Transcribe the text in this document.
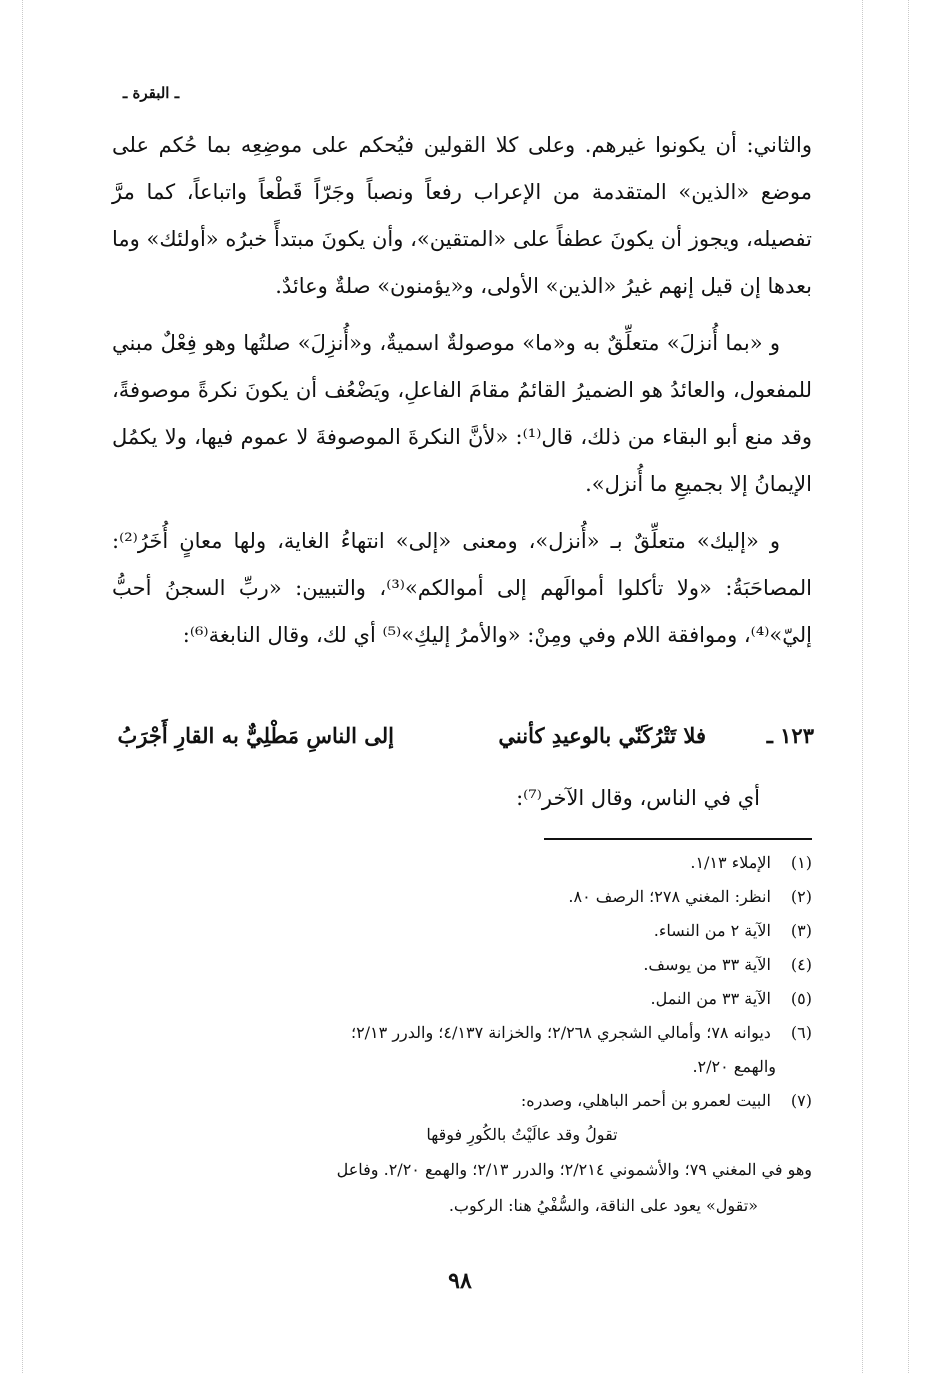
ـ البقرة ـ

والثاني: أن يكونوا غيرهم. وعلى كلا القولين فيُحكم على موضِعِه بما حُكم على موضع «الذين» المتقدمة من الإعراب رفعاً ونصباً وجَرّاً قَطْعاً واتباعاً، كما مرَّ تفصيله، ويجوز أن يكونَ عطفاً على «المتقين»، وأن يكونَ مبتدأً خبرُه «أولئك» وما بعدها إن قيل إنهم غيرُ «الذين» الأولى، و«يؤمنون» صلةٌ وعائدٌ.

و «بما أُنزلَ» متعلِّقٌ به و«ما» موصولةٌ اسميةٌ، و«أُنزِلَ» صلتُها وهو فِعْلٌ مبني للمفعول، والعائدُ هو الضميرُ القائمُ مقامَ الفاعلِ، ويَضْعُف أن يكونَ نكرةً موصوفةً، وقد منع أبو البقاء من ذلك، قال⁽¹⁾: «لأنَّ النكرةَ الموصوفةَ لا عموم فيها، ولا يكمُل الإيمانُ إلا بجميعِ ما أُنزل».

و «إليك» متعلِّقٌ بـ «أُنزل»، ومعنى «إلى» انتهاءُ الغاية، ولها معانٍ أُخَرُ⁽²⁾: المصاحَبَةُ: «ولا تأكلوا أموالَهم إلى أموالكم»⁽³⁾، والتبيين: «ربِّ السجنُ أحبُّ إليّ»⁽⁴⁾، وموافقة اللام وفي ومِنْ: «والأمرُ إليكِ»⁽⁵⁾ أي لك، وقال النابغة⁽⁶⁾:

١٢٣ ـ
فلا تَتْرُكَنّي بالوعيدِ كأنني
إلى الناسِ مَطْلِيٌّ به القارِ أَجْرَبُ
أي في الناس، وقال الآخر⁽⁷⁾:

(١) الإملاء ١/١٣.

(٢) انظر: المغني ٢٧٨؛ الرصف ٨٠.

(٣) الآية ٢ من النساء.

(٤) الآية ٣٣ من يوسف.

(٥) الآية ٣٣ من النمل.

(٦) ديوانه ٧٨؛ وأمالي الشجري ٢/٢٦٨؛ والخزانة ٤/١٣٧؛ والدرر ٢/١٣؛
والهمع ٢/٢٠.

(٧) البيت لعمرو بن أحمر الباهلي، وصدره:

تقولُ وقد عالَيْتُ بالكُورِ فوقها
وهو في المغني ٧٩؛ والأشموني ٢/٢١٤؛ والدرر ٢/١٣؛ والهمع ٢/٢٠. وفاعل
«تقول» يعود على الناقة، والسُّفْيُ هنا: الركوب.
٩٨
